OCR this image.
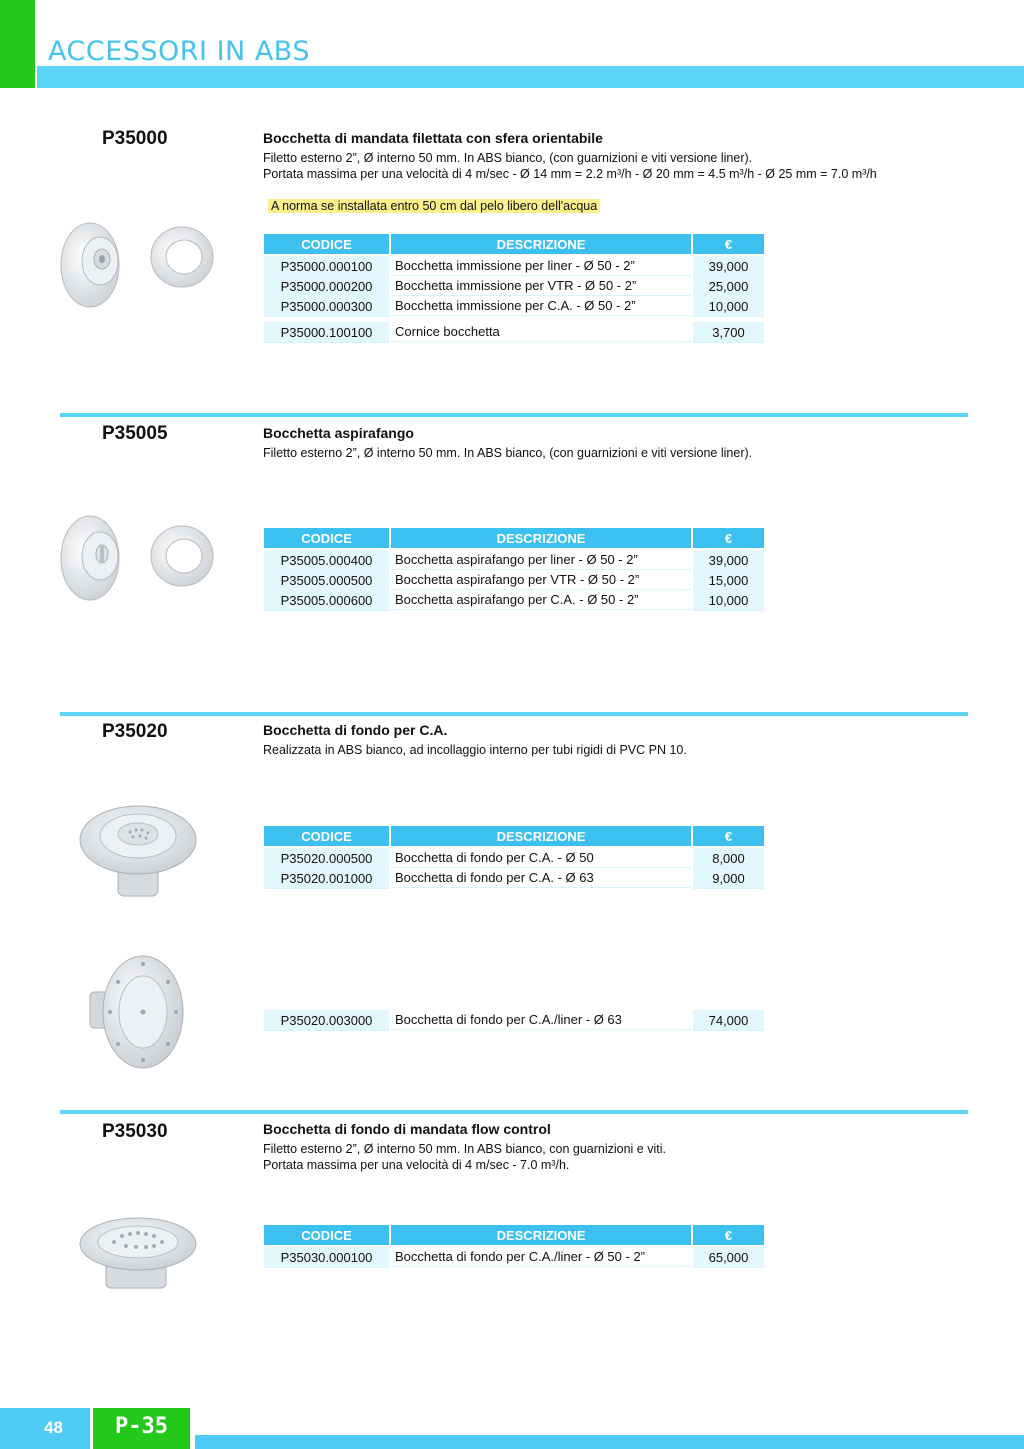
ACCESSORI IN ABS
P35000	Bocchetta di mandata filettata con sfera orientabile
Filetto esterno 2”, Ø interno 50 mm. In ABS bianco, (con guarnizioni e viti versione liner).
Portata massima per una velocità di 4 m/sec - Ø 14 mm = 2.2 m³/h - Ø 20 mm = 4.5 m³/h - Ø 25 mm = 7.0 m³/h
A norma se installata entro 50 cm dal pelo libero dell'acqua
CODICE	DESCRIZIONE	€
P35000.000100	Bocchetta immissione per liner - Ø 50 - 2”	39,000
P35000.000200	Bocchetta immissione per VTR - Ø 50 - 2”	25,000
P35000.000300	Bocchetta immissione per C.A. - Ø 50 - 2”	10,000
P35000.100100	Cornice bocchetta	3,700
P35005	Bocchetta aspirafango
Filetto esterno 2”, Ø interno 50 mm. In ABS bianco, (con guarnizioni e viti versione liner).
CODICE	DESCRIZIONE	€
P35005.000400	Bocchetta aspirafango per liner - Ø 50 - 2”	39,000
P35005.000500	Bocchetta aspirafango per VTR - Ø 50 - 2”	15,000
P35005.000600	Bocchetta aspirafango per C.A. - Ø 50 - 2”	10,000
P35020	Bocchetta di fondo per C.A.
Realizzata in ABS bianco, ad incollaggio interno per tubi rigidi di PVC PN 10.
CODICE	DESCRIZIONE	€
P35020.000500	Bocchetta di fondo per C.A. - Ø 50	8,000
P35020.001000	Bocchetta di fondo per C.A. - Ø 63	9,000
P35020.003000	Bocchetta di fondo per C.A./liner - Ø 63	74,000
P35030	Bocchetta di fondo di mandata flow control
Filetto esterno 2”, Ø interno 50 mm. In ABS bianco, con guarnizioni e viti.
Portata massima per una velocità di 4 m/sec - 7.0 m³/h.
CODICE	DESCRIZIONE	€
P35030.000100	Bocchetta di fondo per C.A./liner - Ø 50 - 2”	65,000
48 P-35
